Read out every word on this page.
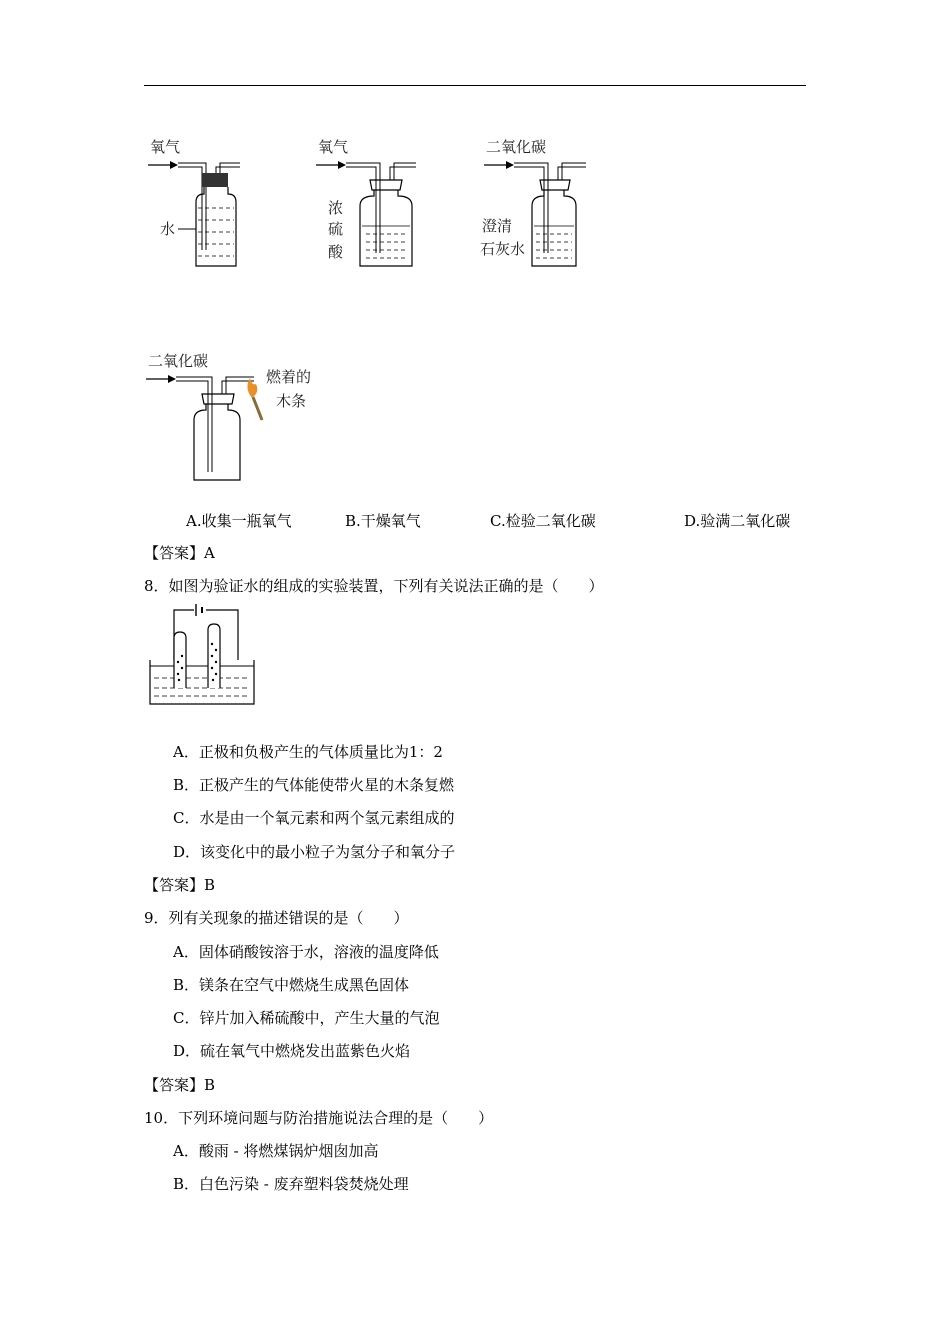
氧气
水
氧气
浓
硫
酸
二氧化碳
澄清
石灰水
二氧化碳
燃着的
木条
A.收集一瓶氧气	B.干燥氧气	C.检验二氧化碳	D.验满二氧化碳
【答案】A
8．如图为验证水的组成的实验装置，下列有关说法正确的是（　　）
A．正极和负极产生的气体质量比为1：2
B．正极产生的气体能使带火星的木条复燃
C．水是由一个氧元素和两个氢元素组成的
D．该变化中的最小粒子为氢分子和氧分子
【答案】B
9．列有关现象的描述错误的是（　　）
A．固体硝酸铵溶于水，溶液的温度降低
B．镁条在空气中燃烧生成黑色固体
C．锌片加入稀硫酸中，产生大量的气泡
D．硫在氧气中燃烧发出蓝紫色火焰
【答案】B
10．下列环境问题与防治措施说法合理的是（　　）
A．酸雨 - 将燃煤锅炉烟囱加高
B．白色污染 - 废弃塑料袋焚烧处理
